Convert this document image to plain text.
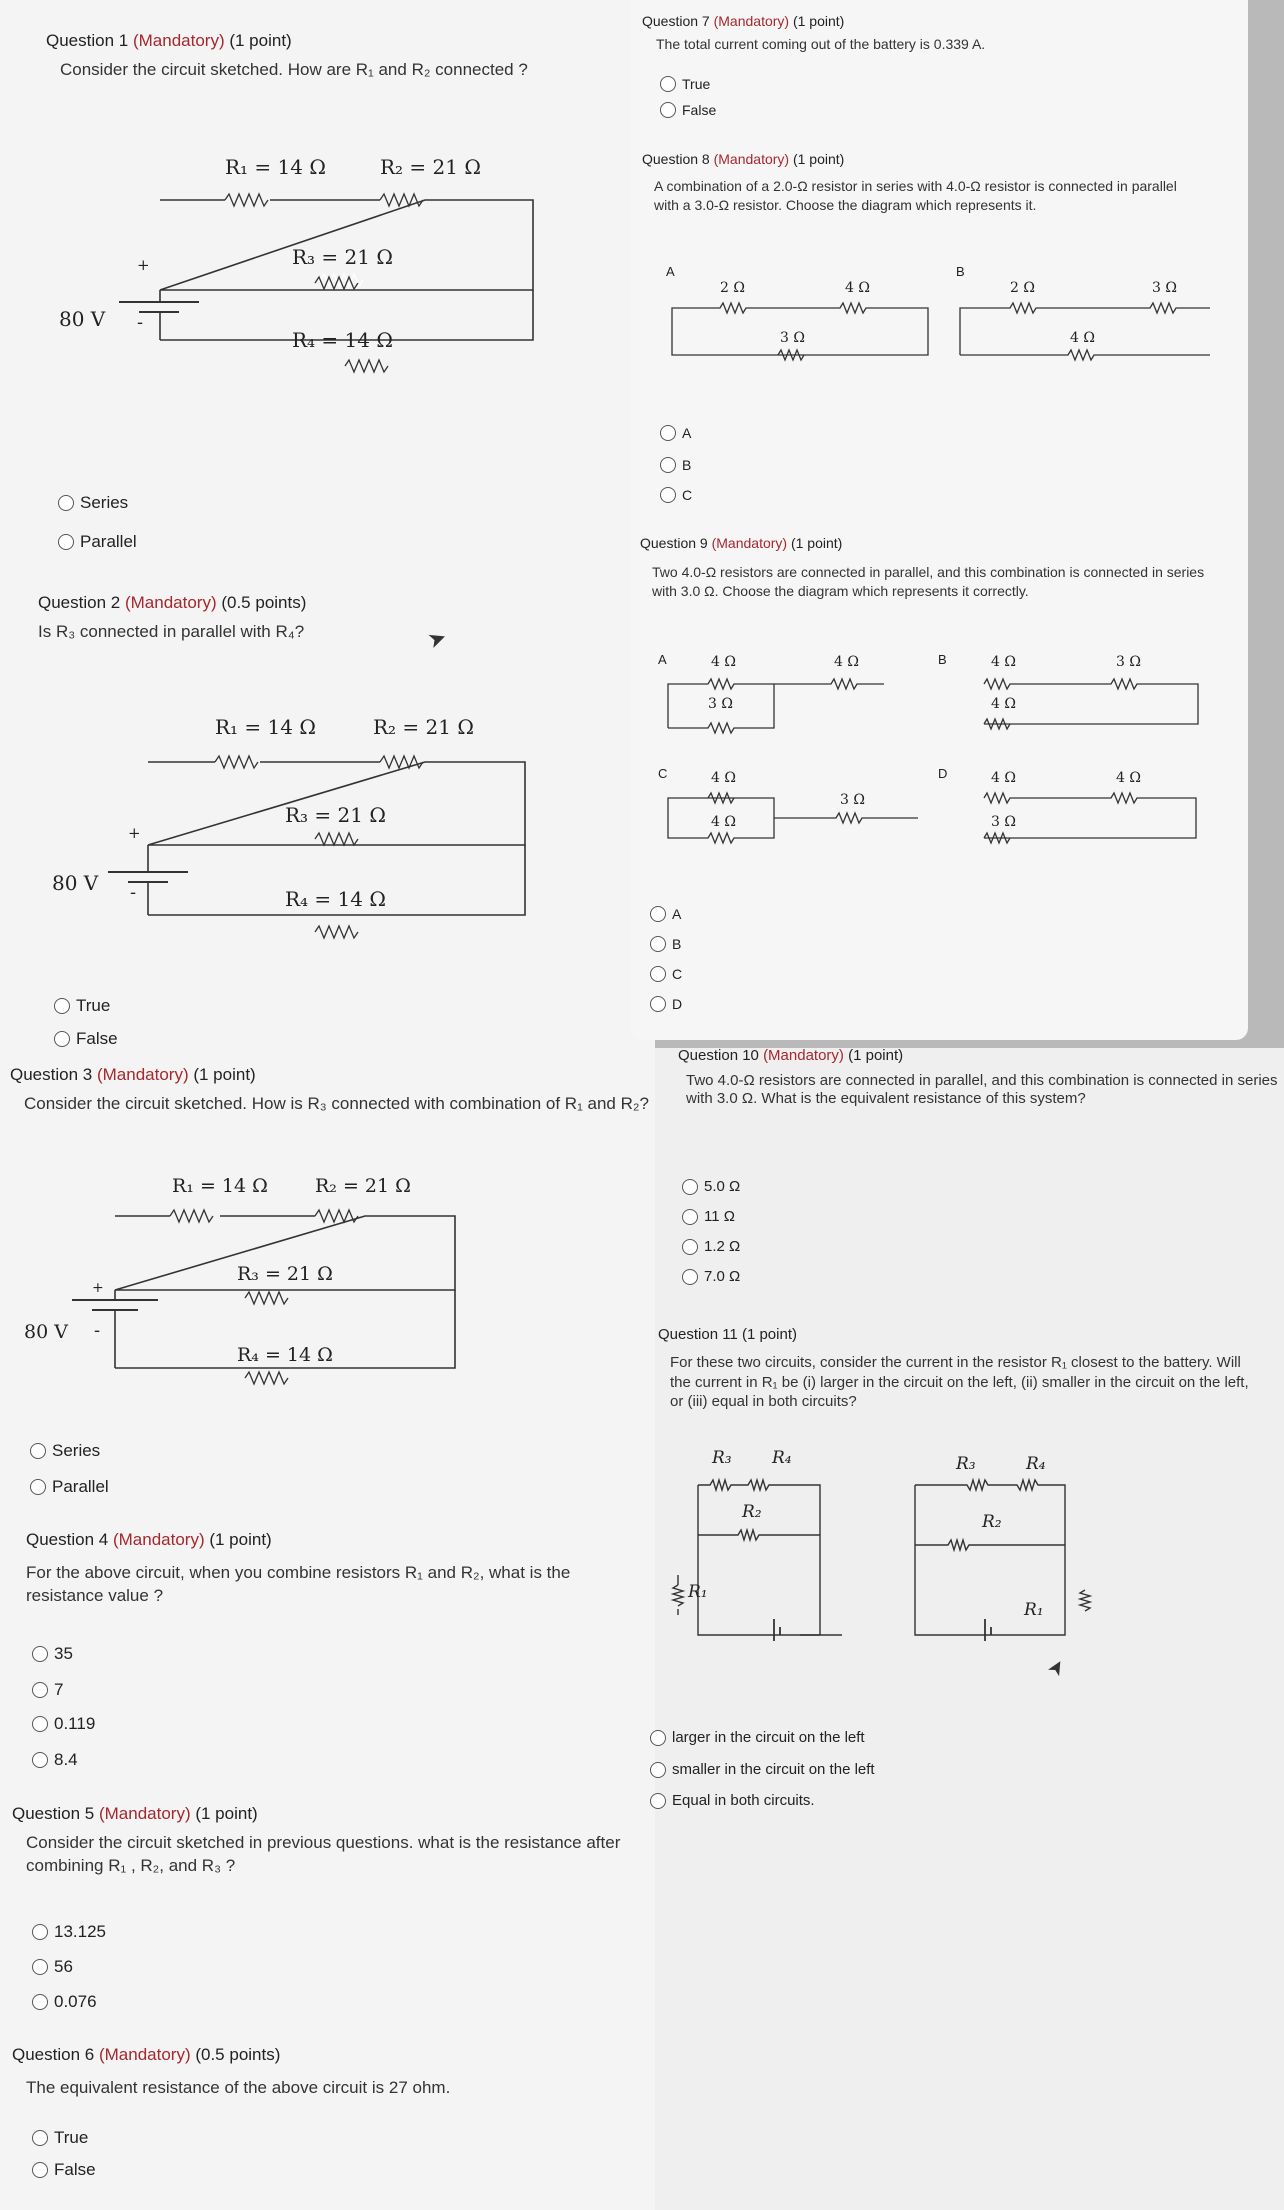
Question 1 (Mandatory) (1 point)
Consider the circuit sketched. How are R₁ and R₂ connected ?
R₁ = 14 Ω	R₂ = 21 Ω
R₃ = 21 Ω
R₄ = 14 Ω
80 V
+
-
Series
Parallel
Question 2 (Mandatory) (0.5 points)
Is R₃ connected in parallel with R₄?	➤
R₁ = 14 Ω	R₂ = 21 Ω
R₃ = 21 Ω
R₄ = 14 Ω
80 V
+
-
True
False
Question 3 (Mandatory) (1 point)
Consider the circuit sketched. How is R₃ connected with combination of R₁ and R₂?
R₁ = 14 Ω R₂ = 21 Ω
R₃ = 21 Ω
R₄ = 14 Ω
80 V
+
-
Series
Parallel
Question 4 (Mandatory) (1 point)
For the above circuit, when you combine resistors R₁ and R₂, what is the resistance value ?
35
7
0.119
8.4
Question 5 (Mandatory) (1 point)
Consider the circuit sketched in previous questions. what is the resistance after combining R₁ , R₂, and R₃ ?
13.125
56
0.076
Question 6 (Mandatory) (0.5 points)
The equivalent resistance of the above circuit is 27 ohm.
True
False
Question 7 (Mandatory) (1 point)
The total current coming out of the battery is 0.339 A.
True
False
Question 8 (Mandatory) (1 point)
A combination of a 2.0-Ω resistor in series with 4.0-Ω resistor is connected in parallel with a 3.0-Ω resistor. Choose the diagram which represents it.
A
2 Ω	4 Ω
3 Ω
B
2 Ω	3 Ω
4 Ω
A
B
C
Question 9 (Mandatory) (1 point)
Two 4.0-Ω resistors are connected in parallel, and this combination is connected in series with 3.0 Ω. Choose the diagram which represents it correctly.
A	4 Ω
3 Ω
4 Ω	B	4 Ω
4 Ω
3 Ω
C	4 Ω
4 Ω
3 Ω
D	4 Ω
3 Ω
4 Ω
A
B
C
D
Question 10 (Mandatory) (1 point)
Two 4.0-Ω resistors are connected in parallel, and this combination is connected in series with 3.0 Ω. What is the equivalent resistance of this system?
5.0 Ω
11 Ω
1.2 Ω
7.0 Ω
Question 11 (1 point)
For these two circuits, consider the current in the resistor R₁ closest to the battery. Will the current in R₁ be (i) larger in the circuit on the left, (ii) smaller in the circuit on the left, or (iii) equal in both circuits?
R₃ R₄
R₂
R₁
R₃	R₄
R₂
R₁
➤
larger in the circuit on the left
smaller in the circuit on the left
Equal in both circuits.
